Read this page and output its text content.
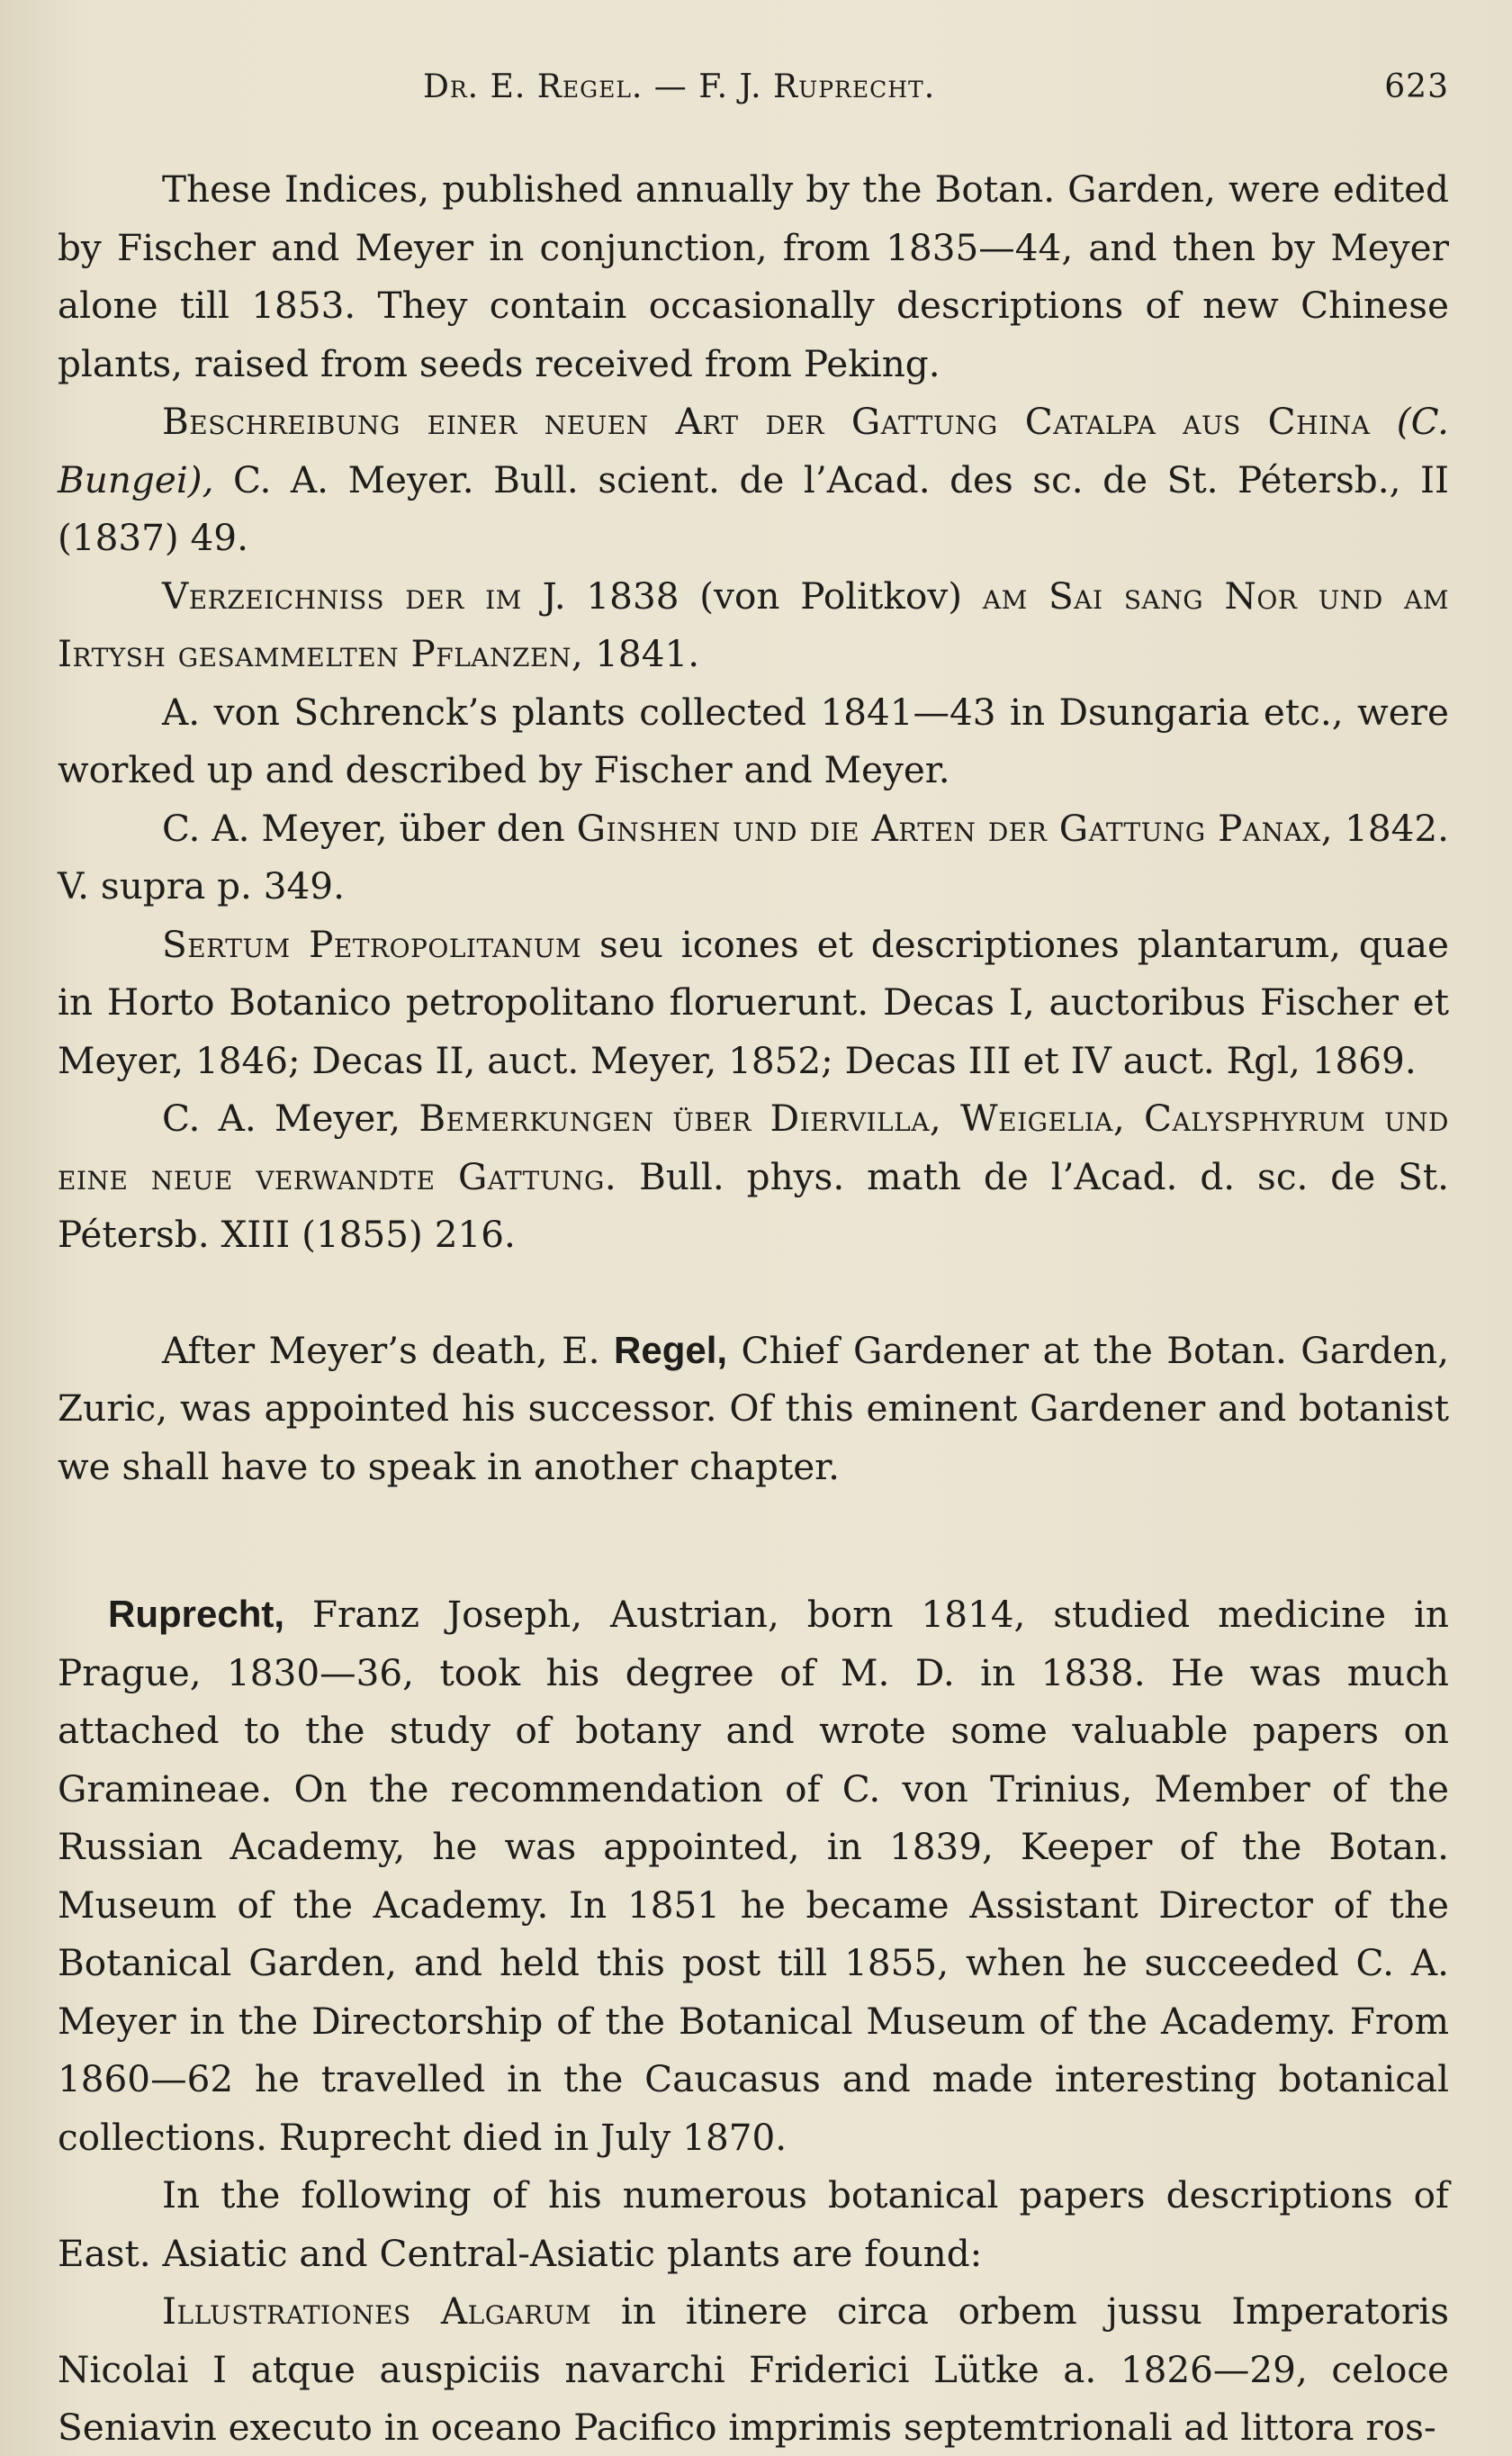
Dr. E. Regel. — F. J. Ruprecht.	623

These Indices, published annually by the Botan. Garden, were edited by Fischer and Meyer in conjunction, from 1835—44, and then by Meyer alone till 1853. They contain occasionally descriptions of new Chinese plants, raised from seeds received from Peking.

Beschreibung einer neuen Art der Gattung Catalpa aus China (C. Bungei), C. A. Meyer. Bull. scient. de l’Acad. des sc. de St. Pétersb., II (1837) 49.

Verzeichniss der im J. 1838 (von Politkov) am Sai sang Nor und am Irtysh gesammelten Pflanzen, 1841.

A. von Schrenck’s plants collected 1841—43 in Dsungaria etc., were worked up and described by Fischer and Meyer.

C. A. Meyer, über den Ginshen und die Arten der Gattung Panax, 1842. V. supra p. 349.

Sertum Petropolitanum seu icones et descriptiones plantarum, quae in Horto Botanico petropolitano floruerunt. Decas I, auctoribus Fischer et Meyer, 1846; Decas II, auct. Meyer, 1852; Decas III et IV auct. Rgl, 1869.

C. A. Meyer, Bemerkungen über Diervilla, Weigelia, Calysphyrum und eine neue verwandte Gattung. Bull. phys. math de l’Acad. d. sc. de St. Pétersb. XIII (1855) 216.

After Meyer’s death, E. Regel, Chief Gardener at the Botan. Garden, Zuric, was appointed his successor. Of this eminent Gardener and botanist we shall have to speak in another chapter.

Ruprecht, Franz Joseph, Austrian, born 1814, studied medicine in Prague, 1830—36, took his degree of M. D. in 1838. He was much attached to the study of botany and wrote some valuable papers on Gramineae. On the recommendation of C. von Trinius, Member of the Russian Academy, he was appointed, in 1839, Keeper of the Botan. Museum of the Academy. In 1851 he became Assistant Director of the Botanical Garden, and held this post till 1855, when he succeeded C. A. Meyer in the Directorship of the Botanical Museum of the Academy. From 1860—62 he travelled in the Caucasus and made interesting botanical collections. Ruprecht died in July 1870.

In the following of his numerous botanical papers descriptions of East. Asiatic and Central-Asiatic plants are found:

Illustrationes Algarum in itinere circa orbem jussu Imperatoris Nicolai I atque auspiciis navarchi Friderici Lütke a. 1826—29, celoce Seniavin executo in oceano Pacifico imprimis septemtrionali ad littora ros-
